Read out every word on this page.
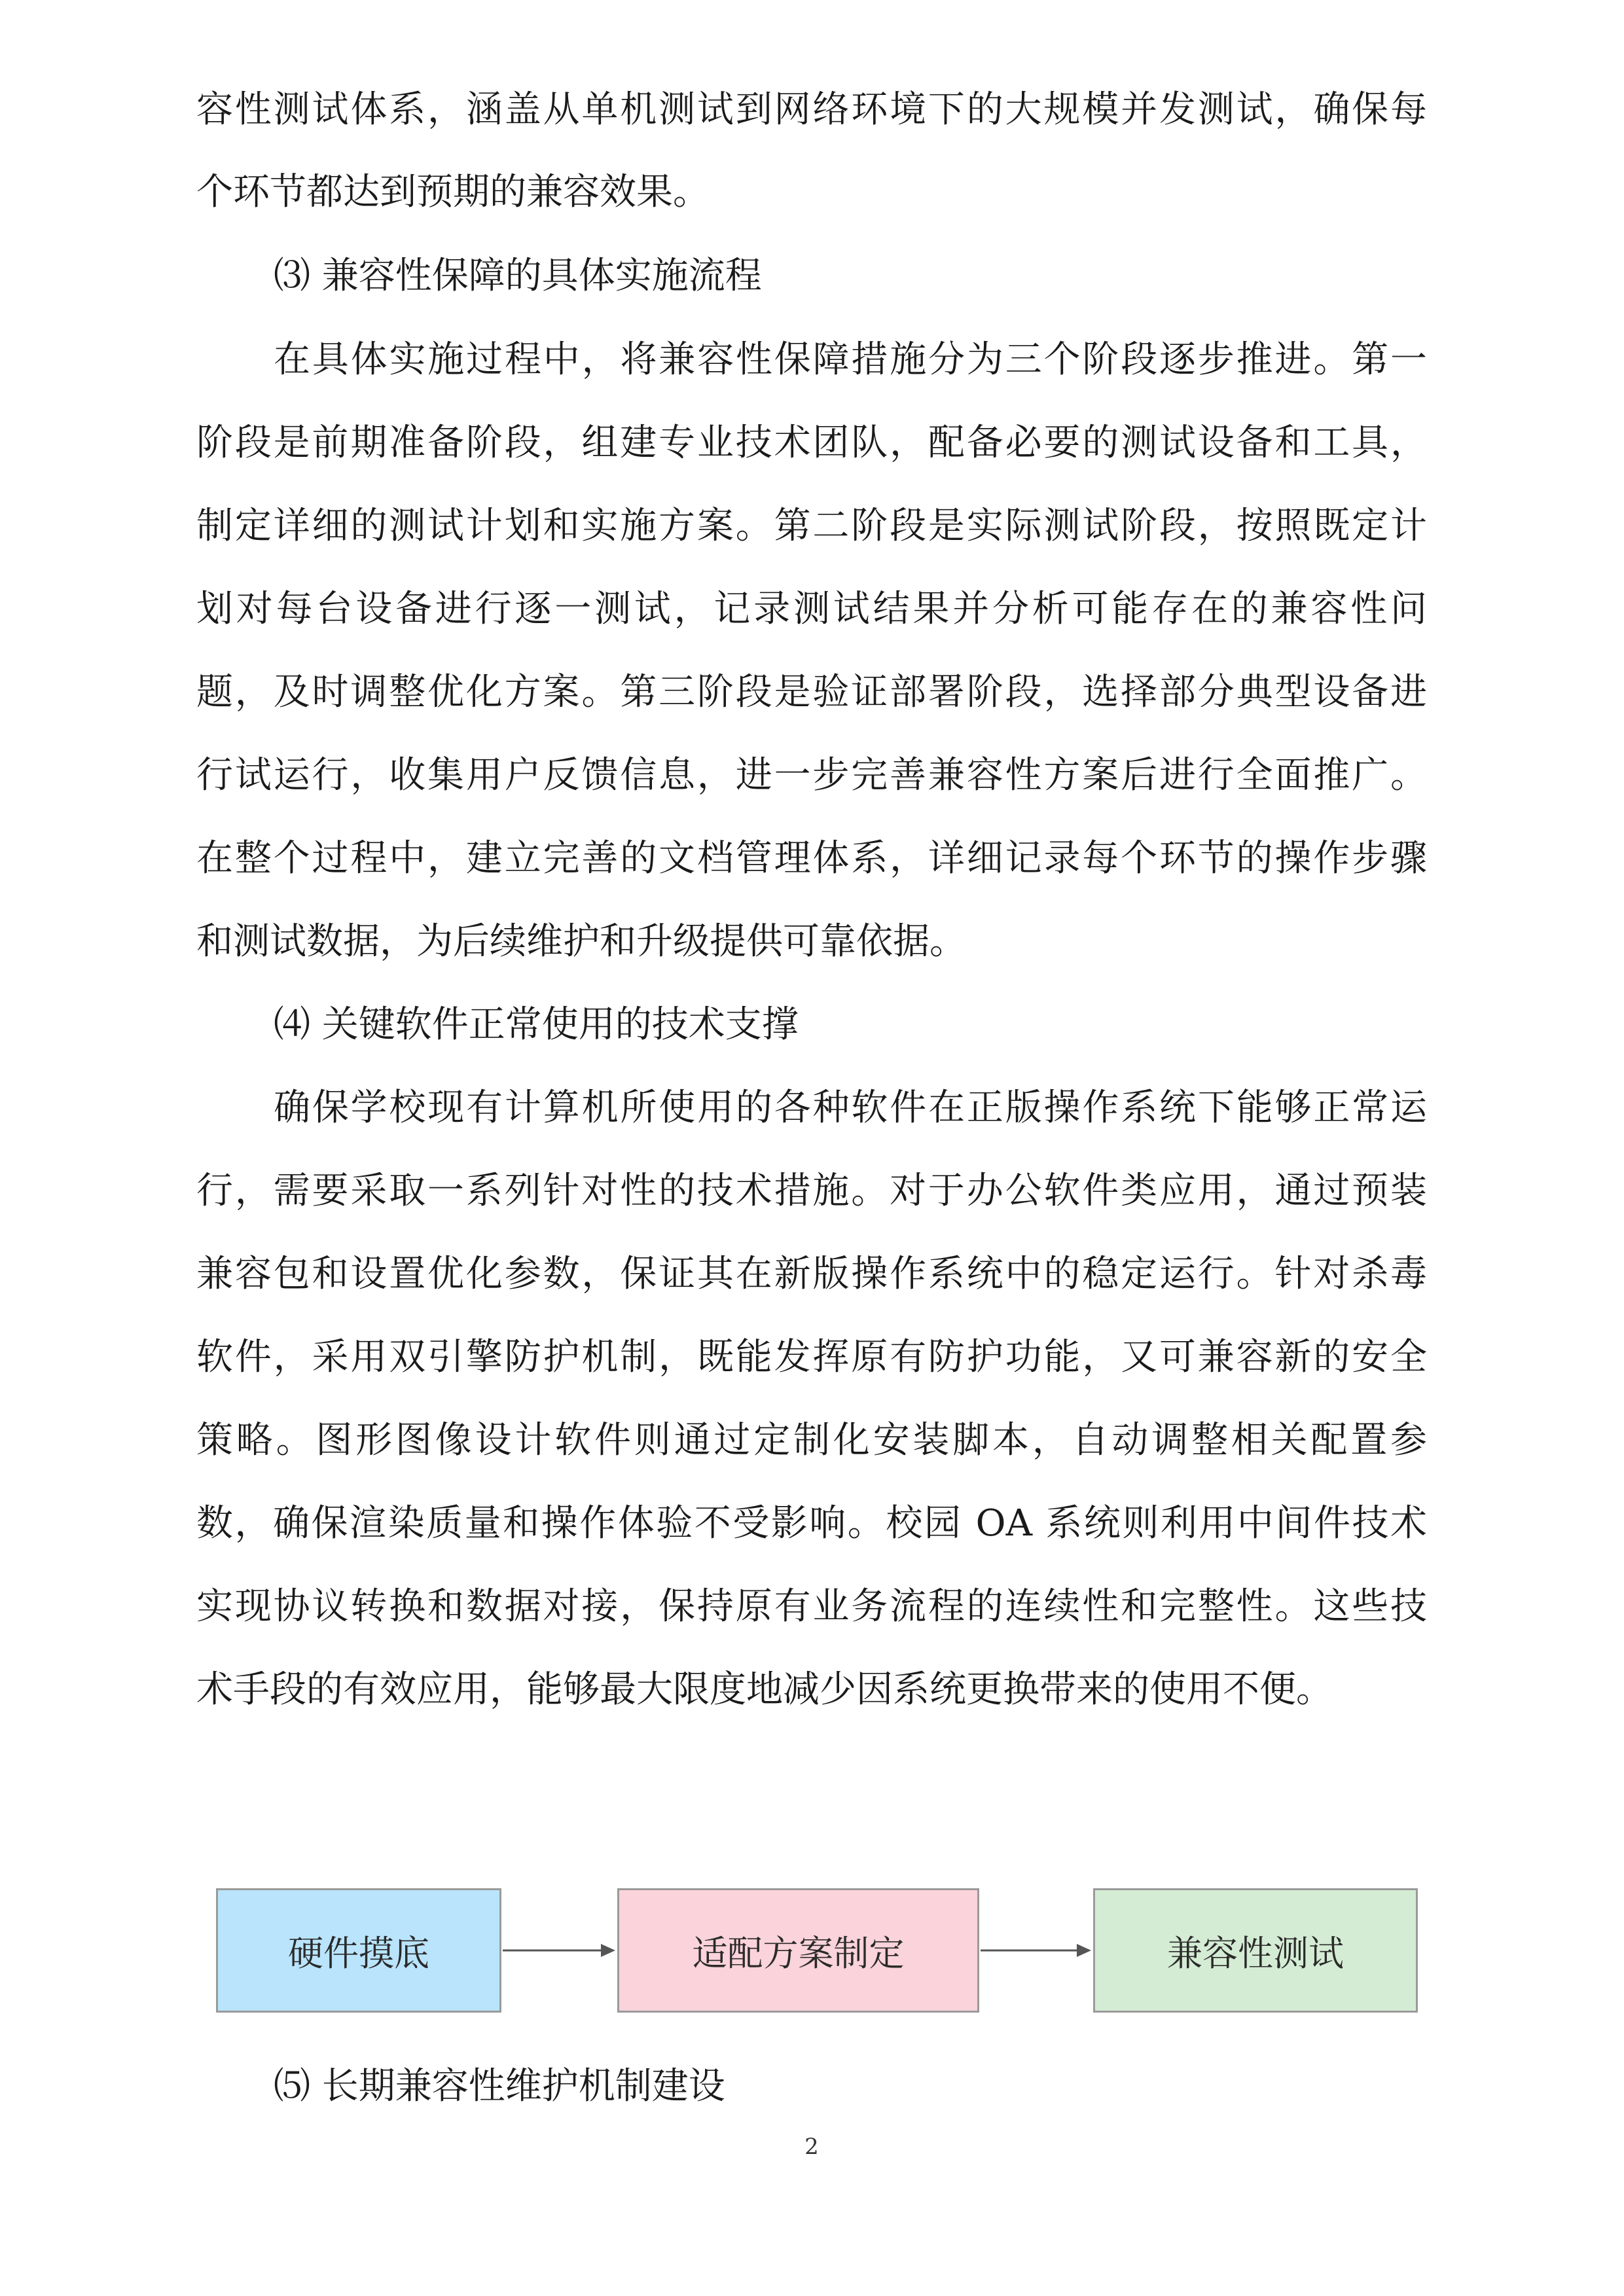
容性测试体系，涵盖从单机测试到网络环境下的大规模并发测试，确保每
个环节都达到预期的兼容效果。
⑶ 兼容性保障的具体实施流程
在具体实施过程中，将兼容性保障措施分为三个阶段逐步推进。第一
阶段是前期准备阶段，组建专业技术团队，配备必要的测试设备和工具，
制定详细的测试计划和实施方案。第二阶段是实际测试阶段，按照既定计
划对每台设备进行逐一测试，记录测试结果并分析可能存在的兼容性问
题，及时调整优化方案。第三阶段是验证部署阶段，选择部分典型设备进
行试运行，收集用户反馈信息，进一步完善兼容性方案后进行全面推广。
在整个过程中，建立完善的文档管理体系，详细记录每个环节的操作步骤
和测试数据，为后续维护和升级提供可靠依据。
⑷ 关键软件正常使用的技术支撑
确保学校现有计算机所使用的各种软件在正版操作系统下能够正常运
行，需要采取一系列针对性的技术措施。对于办公软件类应用，通过预装
兼容包和设置优化参数，保证其在新版操作系统中的稳定运行。针对杀毒
软件，采用双引擎防护机制，既能发挥原有防护功能，又可兼容新的安全
策略。图形图像设计软件则通过定制化安装脚本，自动调整相关配置参
数，确保渲染质量和操作体验不受影响。校园 OA 系统则利用中间件技术
实现协议转换和数据对接，保持原有业务流程的连续性和完整性。这些技
术手段的有效应用，能够最大限度地减少因系统更换带来的使用不便。
硬件摸底	适配方案制定	兼容性测试
⑸ 长期兼容性维护机制建设
2
